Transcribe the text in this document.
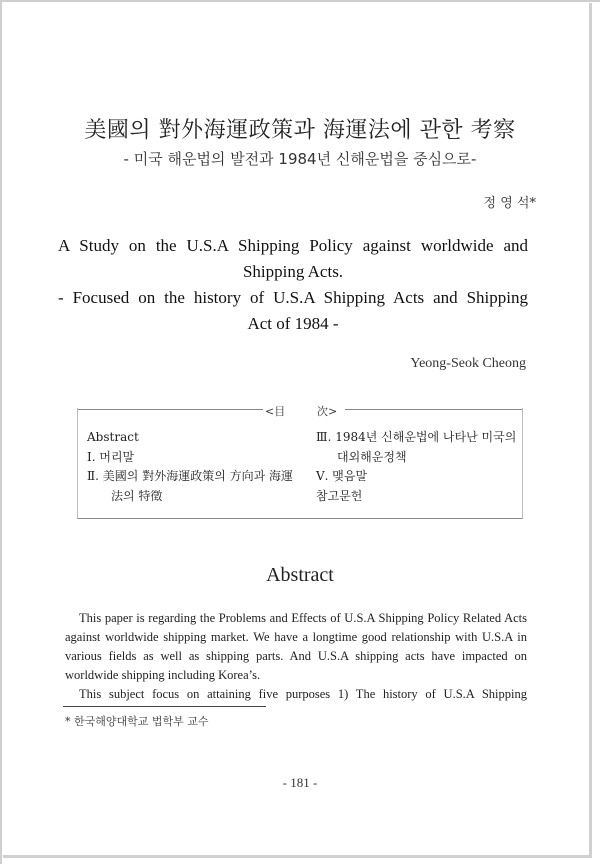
美國의 對外海運政策과 海運法에 관한 考察
- 미국 해운법의 발전과 1984년 신해운법을 중심으로-
정 영 석*
A Study on the U.S.A Shipping Policy against worldwide and
Shipping Acts.
- Focused on the history of U.S.A Shipping Acts and Shipping
Act of 1984 -
Yeong-Seok Cheong
<目	次>
Abstract
Ⅰ. 머리말
Ⅱ. 美國의 對外海運政策의 方向과 海運
法의 特徵
Ⅲ. 1984년 신해운법에 나타난 미국의
대외해운정책
Ⅴ. 맺음말
참고문헌
Abstract

This paper is regarding the Problems and Effects of U.S.A Shipping Policy Related Acts against worldwide shipping market. We have a longtime good relationship with U.S.A in various fields as well as shipping parts. And U.S.A shipping acts have impacted on worldwide shipping including Korea’s.

This subject focus on attaining five purposes 1) The history of U.S.A Shipping

* 한국해양대학교 법학부 교수
- 181 -
